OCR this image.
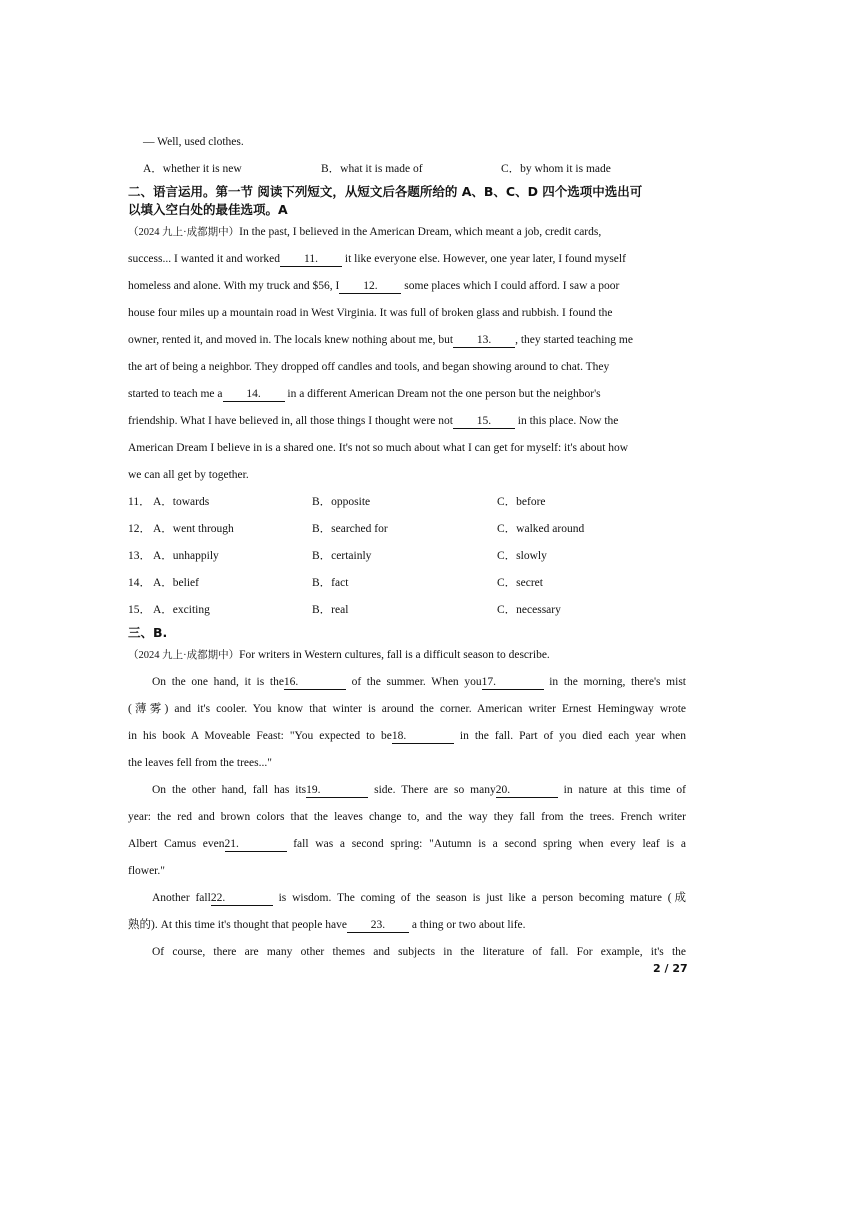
— Well, used clothes.
A．whether it is new	B．what it is made of	C．by whom it is made
二、语言运用。第一节 阅读下列短文，从短文后各题所给的 A、B、C、D 四个选项中选出可
以填入空白处的最佳选项。A
（2024 九上·成都期中）In the past, I believed in the American Dream, which meant a job, credit cards,
success... I wanted it and worked 11. it like everyone else. However, one year later, I found myself
homeless and alone. With my truck and $56, I 12. some places which I could afford. I saw a poor
house four miles up a mountain road in West Virginia. It was full of broken glass and rubbish. I found the
owner, rented it, and moved in. The locals knew nothing about me, but 13. , they started teaching me
the art of being a neighbor. They dropped off candles and tools, and began showing around to chat. They
started to teach me a 14. in a different American Dream not the one person but the neighbor's
friendship. What I have believed in, all those things I thought were not 15. in this place. Now the
American Dream I believe in is a shared one. It's not so much about what I can get for myself: it's about how
we can all get by together.
11． A．towards	B．opposite	C．before
12． A．went through	B．searched for	C．walked around
13． A．unhappily	B．certainly	C．slowly
14． A．belief	B．fact	C．secret
15． A．exciting	B．real	C．necessary
三、B.
（2024 九上·成都期中）For writers in Western cultures, fall is a difficult season to describe.
On the one hand, it is the16.	of the summer. When you17.	in the morning, there's mist
(薄雾) and it's cooler. You know that winter is around the corner. American writer Ernest Hemingway wrote
in his book A Moveable Feast: "You expected to be18.	in the fall. Part of you died each year when
the leaves fell from the trees..."
On the other hand, fall has its19.	side. There are so many20.	in nature at this time of
year: the red and brown colors that the leaves change to, and the way they fall from the trees. French writer
Albert Camus even21.	fall was a second spring: "Autumn is a second spring when every leaf is a
flower."
Another fall22.	is wisdom. The coming of the season is just like a person becoming mature (成
熟的). At this time it's thought that people have 23. a thing or two about life.
Of course, there are many other themes and subjects in the literature of fall. For example, it's the
2 / 27
